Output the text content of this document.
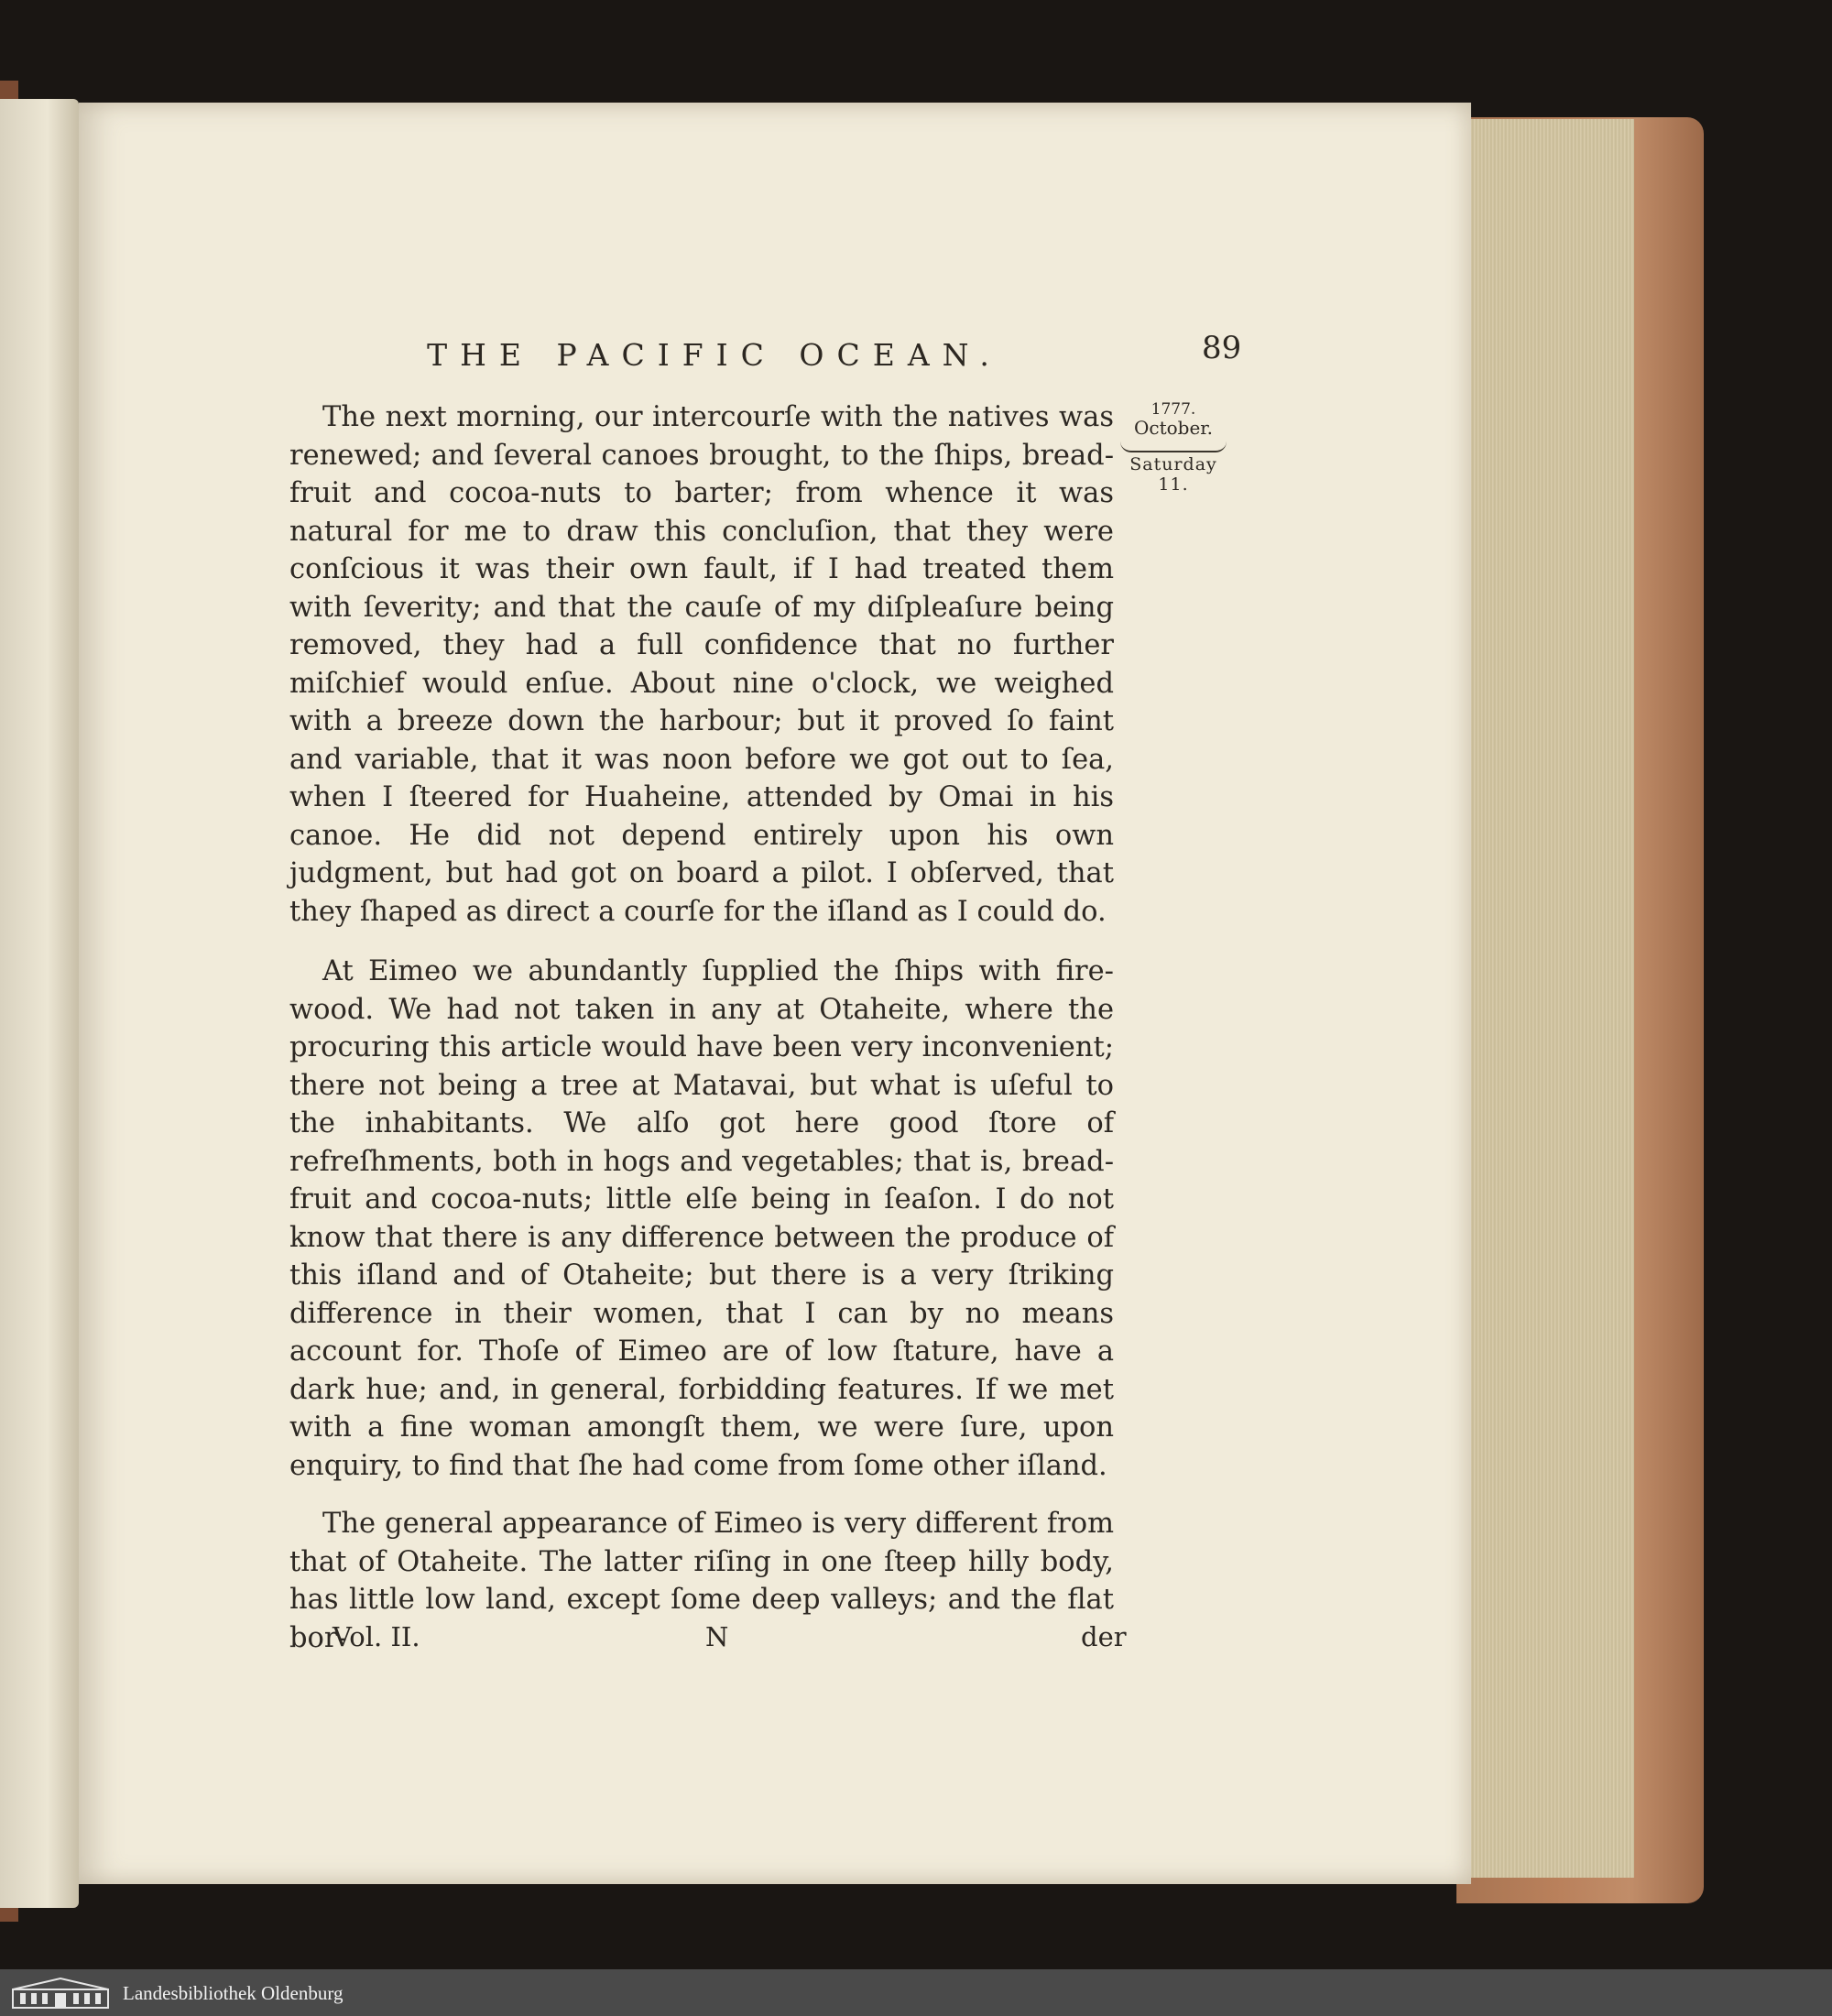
THE PACIFIC OCEAN.	89
1777.
October.
Saturday 11.

The next morning, our intercourſe with the natives was renewed; and ſeveral canoes brought, to the ſhips, bread-fruit and cocoa-nuts to barter; from whence it was natural for me to draw this concluſion, that they were conſcious it was their own fault, if I had treated them with ſeverity; and that the cauſe of my diſpleaſure being removed, they had a full confidence that no further miſchief would enſue. About nine o'clock, we weighed with a breeze down the harbour; but it proved ſo faint and variable, that it was noon before we got out to ſea, when I ſteered for Huaheine, attended by Omai in his canoe. He did not depend entirely upon his own judgment, but had got on board a pilot. I obſerved, that they ſhaped as direct a courſe for the iſland as I could do.

At Eimeo we abundantly ſupplied the ſhips with fire-wood. We had not taken in any at Otaheite, where the procuring this article would have been very inconvenient; there not being a tree at Matavai, but what is uſeful to the inhabitants. We alſo got here good ſtore of refreſhments, both in hogs and vegetables; that is, bread-fruit and cocoa-nuts; little elſe being in ſeaſon. I do not know that there is any difference between the produce of this iſland and of Otaheite; but there is a very ſtriking difference in their women, that I can by no means account for. Thoſe of Eimeo are of low ſtature, have a dark hue; and, in general, forbidding features. If we met with a fine woman amongſt them, we were ſure, upon enquiry, to find that ſhe had come from ſome other iſland.

The general appearance of Eimeo is very different from that of Otaheite. The latter riſing in one ſteep hilly body, has little low land, except ſome deep valleys; and the flat bor-

Vol. II.	N	der
Landesbibliothek Oldenburg
